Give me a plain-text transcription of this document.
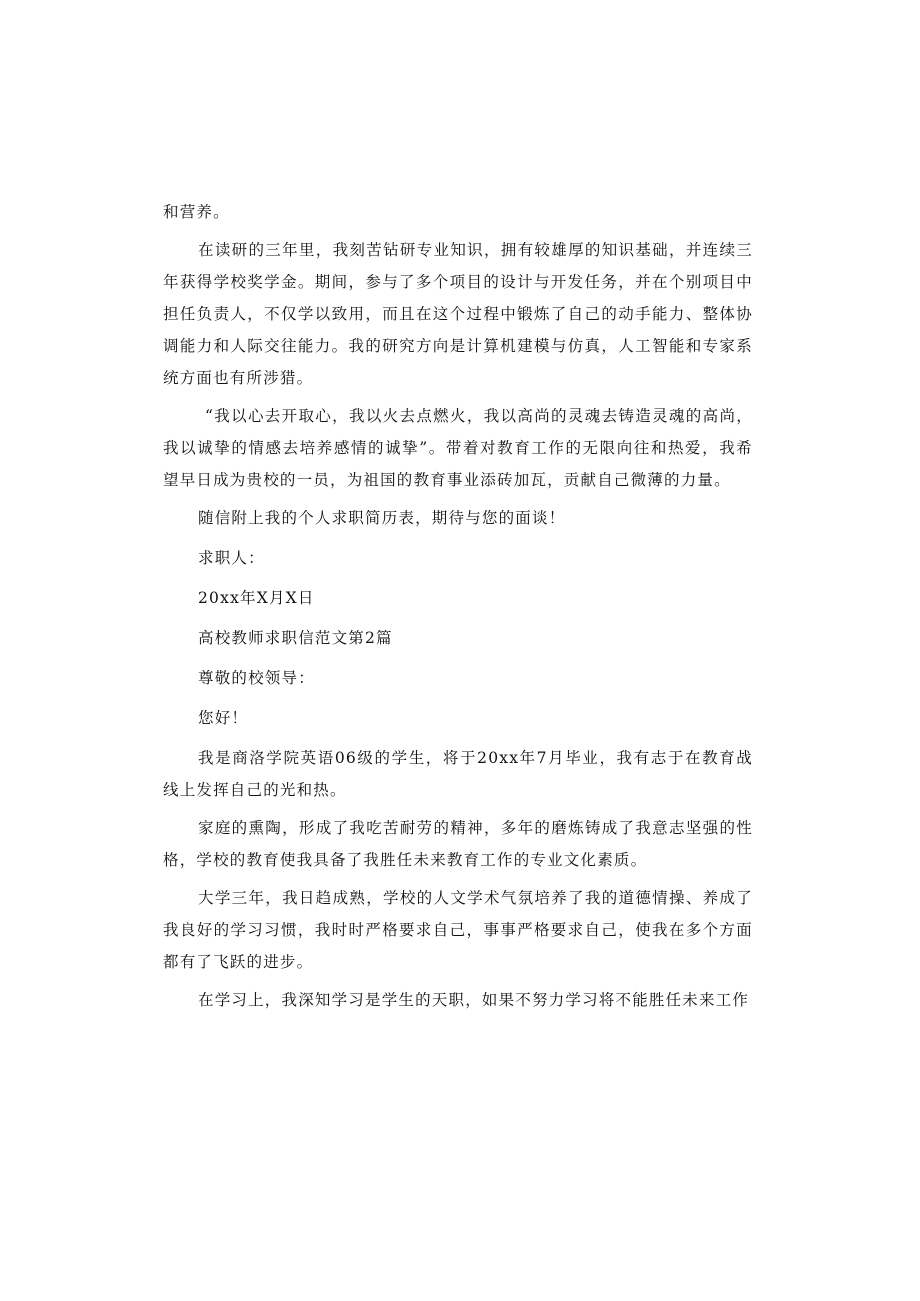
和营养。

在读研的三年里，我刻苦钻研专业知识，拥有较雄厚的知识基础，并连续三年获得学校奖学金。期间，参与了多个项目的设计与开发任务，并在个别项目中担任负责人，不仅学以致用，而且在这个过程中锻炼了自己的动手能力、整体协调能力和人际交往能力。我的研究方向是计算机建模与仿真，人工智能和专家系统方面也有所涉猎。

“我以心去开取心，我以火去点燃火，我以高尚的灵魂去铸造灵魂的高尚，我以诚挚的情感去培养感情的诚挚”。带着对教育工作的无限向往和热爱，我希望早日成为贵校的一员，为祖国的教育事业添砖加瓦，贡献自己微薄的力量。

随信附上我的个人求职简历表，期待与您的面谈！

求职人：

20xx年X月X日

高校教师求职信范文第2篇

尊敬的校领导：

您好！

我是商洛学院英语06级的学生，将于20xx年7月毕业，我有志于在教育战线上发挥自己的光和热。

家庭的熏陶，形成了我吃苦耐劳的精神，多年的磨炼铸成了我意志坚强的性格，学校的教育使我具备了我胜任未来教育工作的专业文化素质。

大学三年，我日趋成熟，学校的人文学术气氛培养了我的道德情操、养成了我良好的学习习惯，我时时严格要求自己，事事严格要求自己，使我在多个方面都有了飞跃的进步。

在学习上，我深知学习是学生的天职，如果不努力学习将不能胜任未来工作
